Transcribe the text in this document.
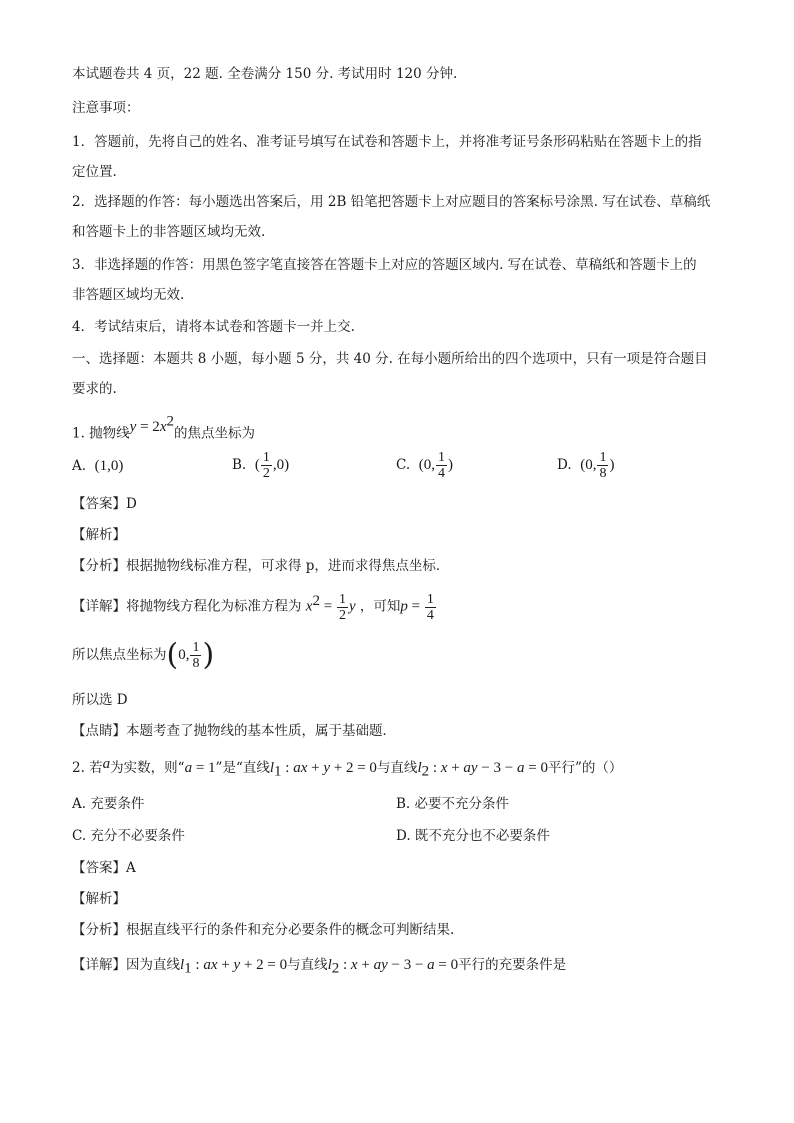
本试题卷共 4 页，22 题. 全卷满分 150 分. 考试用时 120 分钟.
注意事项：
1．答题前，先将自己的姓名、准考证号填写在试卷和答题卡上，并将准考证号条形码粘贴在答题卡上的指
定位置.
2．选择题的作答：每小题选出答案后，用 2B 铅笔把答题卡上对应题目的答案标号涂黑. 写在试卷、草稿纸
和答题卡上的非答题区域均无效.
3．非选择题的作答：用黑色签字笔直接答在答题卡上对应的答题区域内. 写在试卷、草稿纸和答题卡上的
非答题区域均无效.
4．考试结束后，请将本试卷和答题卡一并上交.
一、选择题：本题共 8 小题，每小题 5 分，共 40 分. 在每小题所给出的四个选项中，只有一项是符合题目
要求的.
1. 抛物线$y = 2x^2$的焦点坐标为
A. (1,0)	B. ( $\frac{1}{2} ,0$)	C. (0, $\frac{1}{4}$ )	D. (0, $\frac{1}{8}$ )
【答案】D
【解析】
【分析】根据抛物线标准方程，可求得 p，进而求得焦点坐标．
【详解】将抛物线方程化为标准方程为 $x^2 = \frac{1}{2}$ y ，可知$p = \frac{1}{4}$
所以焦点坐标为(0, $\frac{1}{8}$ )
所以选 D
【点睛】本题考查了抛物线的基本性质，属于基础题．
2. 若a为实数，则“a = 1”是“直线$l_1$ : ax + y + 2 = 0与直线$l_2$ : x + ay − 3 − a = 0平行”的（）
A. 充要条件	B. 必要不充分条件
C. 充分不必要条件	D. 既不充分也不必要条件
【答案】A
【解析】
【分析】根据直线平行的条件和充分必要条件的概念可判断结果.
【详解】因为直线$l_1$ : ax + y + 2 = 0与直线$l_2$ : x + ay − 3 − a = 0平行的充要条件是
